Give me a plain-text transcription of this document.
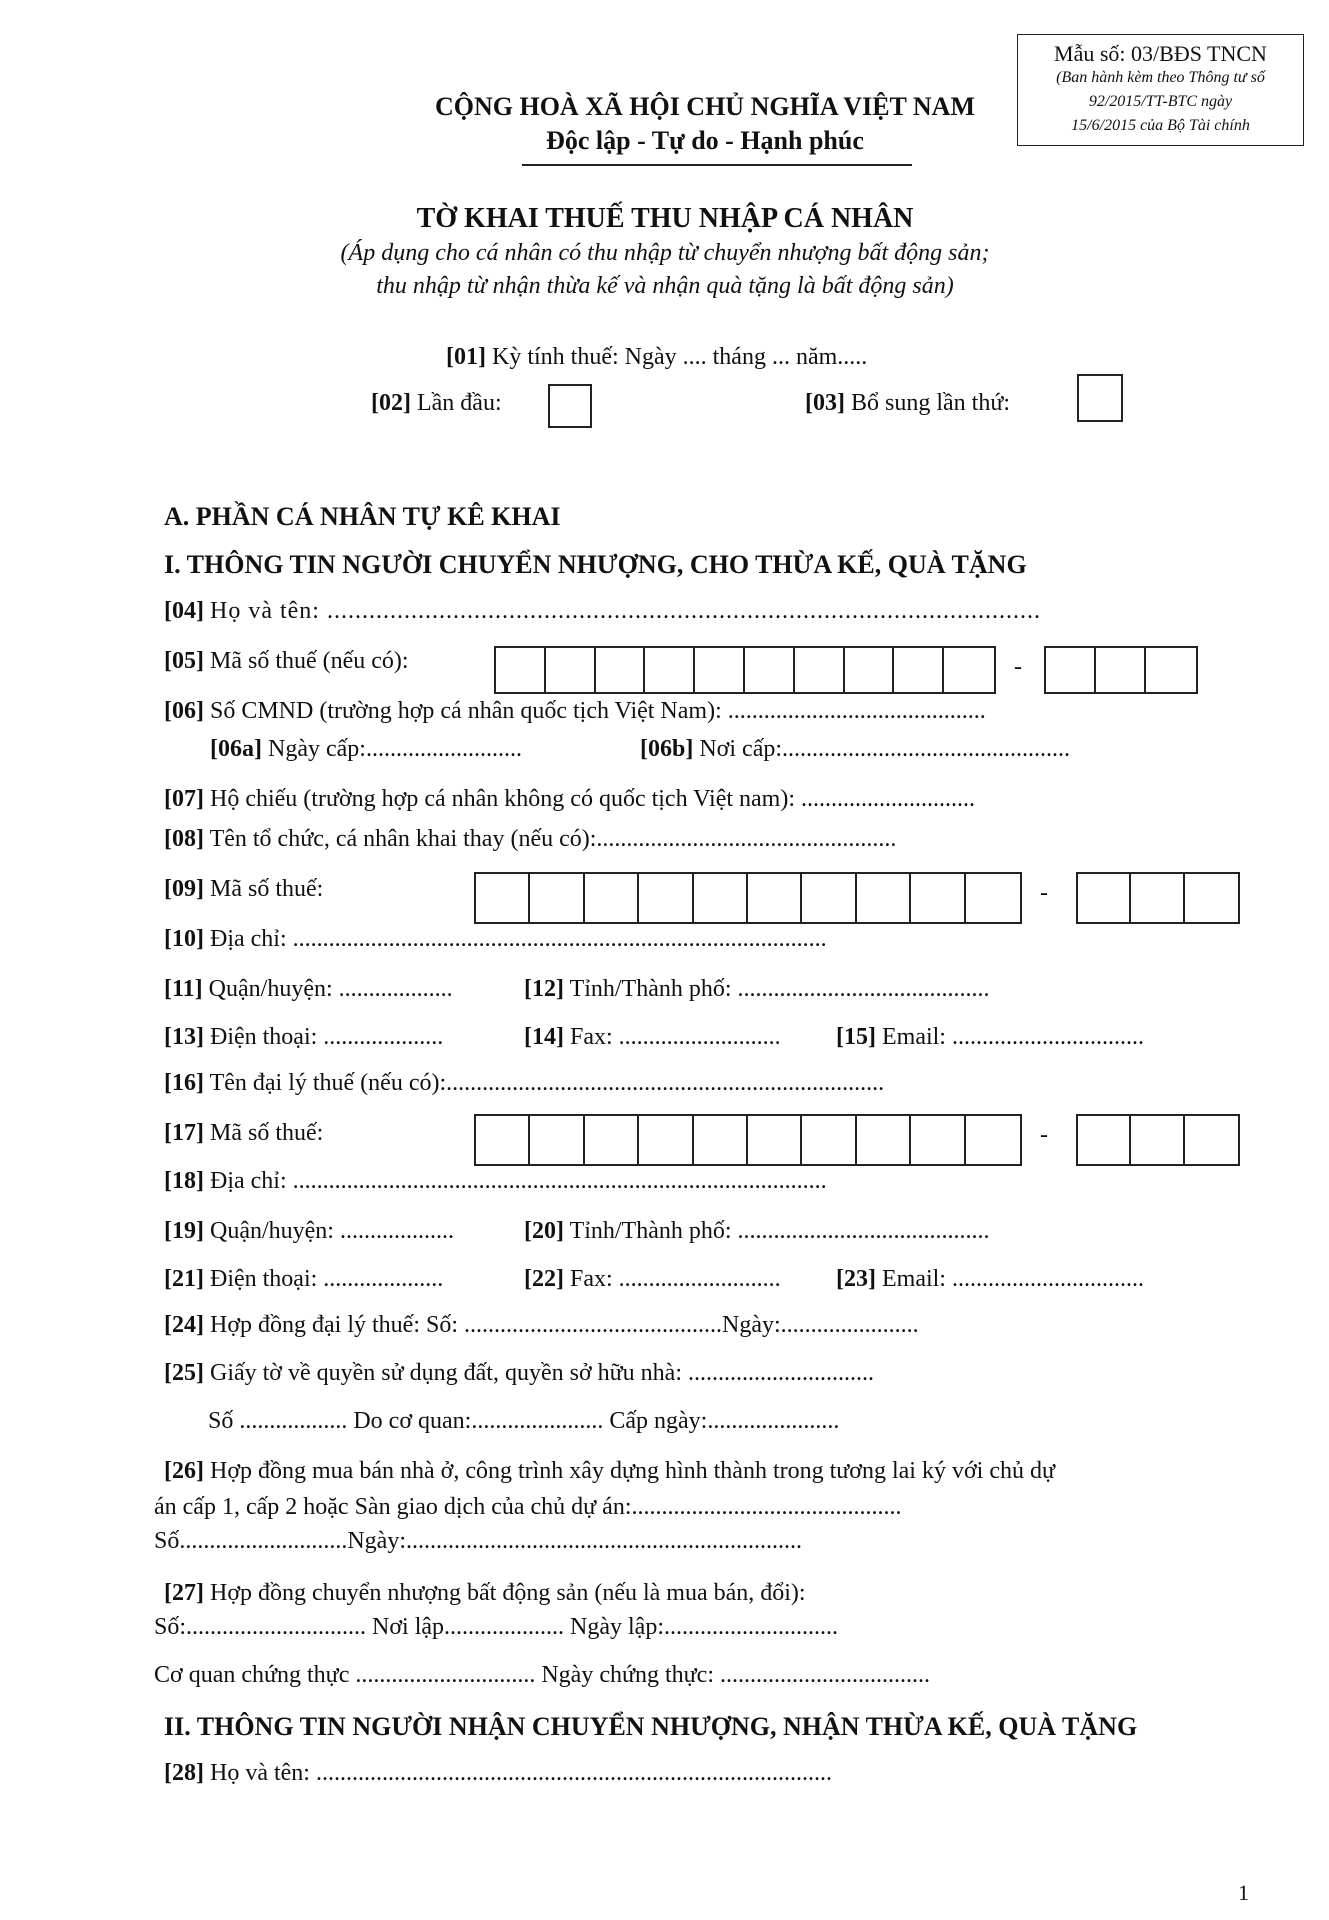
Mẫu số: 03/BĐS TNCN
(Ban hành kèm theo Thông tư số
92/2015/TT-BTC ngày
15/6/2015 của Bộ Tài chính
CỘNG HOÀ XÃ HỘI CHỦ NGHĨA VIỆT NAM
Độc lập - Tự do - Hạnh phúc
TỜ KHAI THUẾ THU NHẬP CÁ NHÂN
(Áp dụng cho cá nhân có thu nhập từ chuyển nhượng bất động sản;
thu nhập từ nhận thừa kế và nhận quà tặng là bất động sản)
[01] Kỳ tính thuế: Ngày .... tháng ... năm.....
[02] Lần đầu:	[03] Bổ sung lần thứ:
A. PHẦN CÁ NHÂN TỰ KÊ KHAI
I. THÔNG TIN NGƯỜI CHUYỂN NHƯỢNG, CHO THỪA KẾ, QUÀ TẶNG
[04] Họ và tên: ......................................................................................................
[05] Mã số thuế (nếu có):	-
[06] Số CMND (trường hợp cá nhân quốc tịch Việt Nam): ...........................................
[06a] Ngày cấp:..........................	[06b] Nơi cấp:................................................
[07] Hộ chiếu (trường hợp cá nhân không có quốc tịch Việt nam): .............................
[08] Tên tổ chức, cá nhân khai thay (nếu có):..................................................
[09] Mã số thuế:	-
[10] Địa chỉ: .........................................................................................
[11] Quận/huyện: ...................	[12] Tỉnh/Thành phố: ..........................................
[13] Điện thoại: ....................	[14] Fax: ........................... [15] Email: ................................
[16] Tên đại lý thuế (nếu có):.........................................................................
[17] Mã số thuế:	-
[18] Địa chỉ: .........................................................................................
[19] Quận/huyện: ...................	[20] Tỉnh/Thành phố: ..........................................
[21] Điện thoại: ....................	[22] Fax: ........................... [23] Email: ................................
[24] Hợp đồng đại lý thuế: Số: ...........................................Ngày:.......................
[25] Giấy tờ về quyền sử dụng đất, quyền sở hữu nhà: ...............................
Số .................. Do cơ quan:...................... Cấp ngày:......................
[26] Hợp đồng mua bán nhà ở, công trình xây dựng hình thành trong tương lai ký với chủ dự
án cấp 1, cấp 2 hoặc Sàn giao dịch của chủ dự án:.............................................
Số............................Ngày:..................................................................
[27] Hợp đồng chuyển nhượng bất động sản (nếu là mua bán, đổi):
Số:.............................. Nơi lập.................... Ngày lập:.............................
Cơ quan chứng thực .............................. Ngày chứng thực: ...................................
II. THÔNG TIN NGƯỜI NHẬN CHUYỂN NHƯỢNG, NHẬN THỪA KẾ, QUÀ TẶNG
[28] Họ và tên: ......................................................................................
1
